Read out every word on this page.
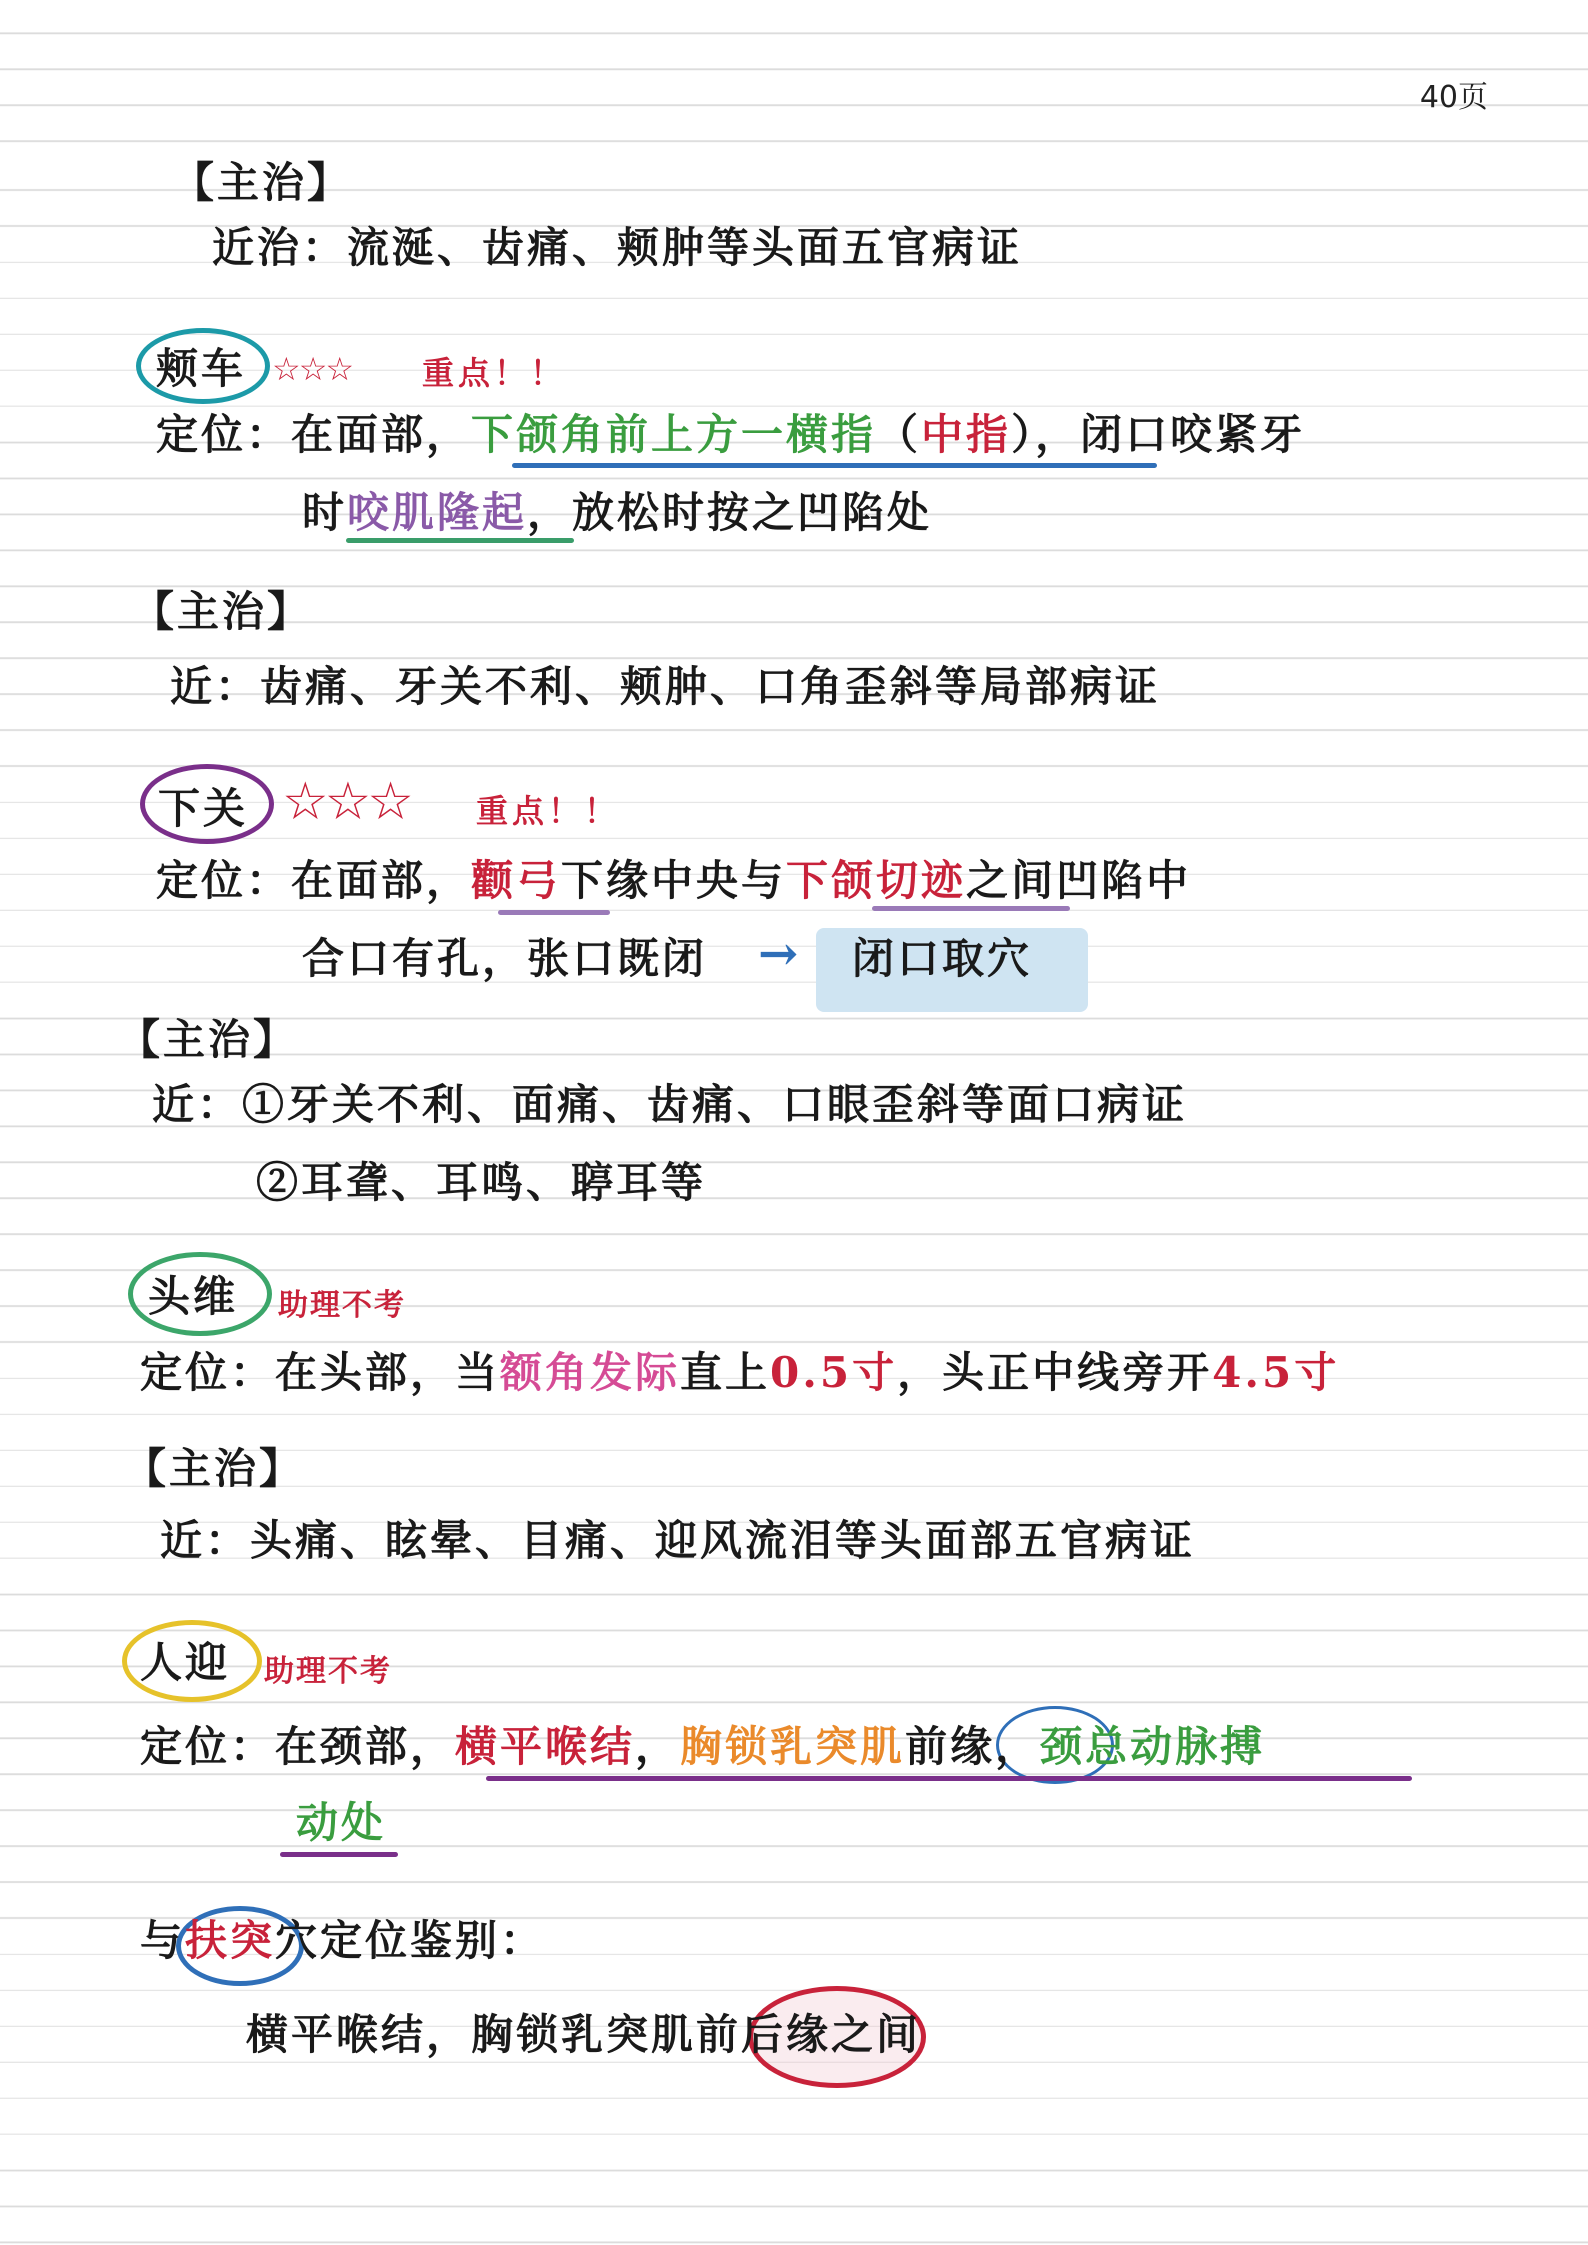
40页
【主治】
近治：流涎、齿痛、颊肿等头面五官病证
颊车 ☆☆☆ 重点！！
定位：在面部，下颌角前上方一横指（中指），闭口咬紧牙
时咬肌隆起，放松时按之凹陷处
【主治】
近：齿痛、牙关不利、颊肿、口角歪斜等局部病证
下关 ☆☆☆ 重点！！
定位：在面部，颧弓下缘中央与下颌切迹之间凹陷中
合口有孔，张口既闭 → 闭口取穴
【主治】
近：①牙关不利、面痛、齿痛、口眼歪斜等面口病证
②耳聋、耳鸣、聤耳等
头维 助理不考
定位：在头部，当额角发际直上0.5寸，头正中线旁开4.5寸
【主治】
近：头痛、眩晕、目痛、迎风流泪等头面部五官病证
人迎 助理不考
定位：在颈部，横平喉结，胸锁乳突肌前缘，颈总动脉搏
动处
与扶突穴定位鉴别：
横平喉结，胸锁乳突肌前后缘之间
